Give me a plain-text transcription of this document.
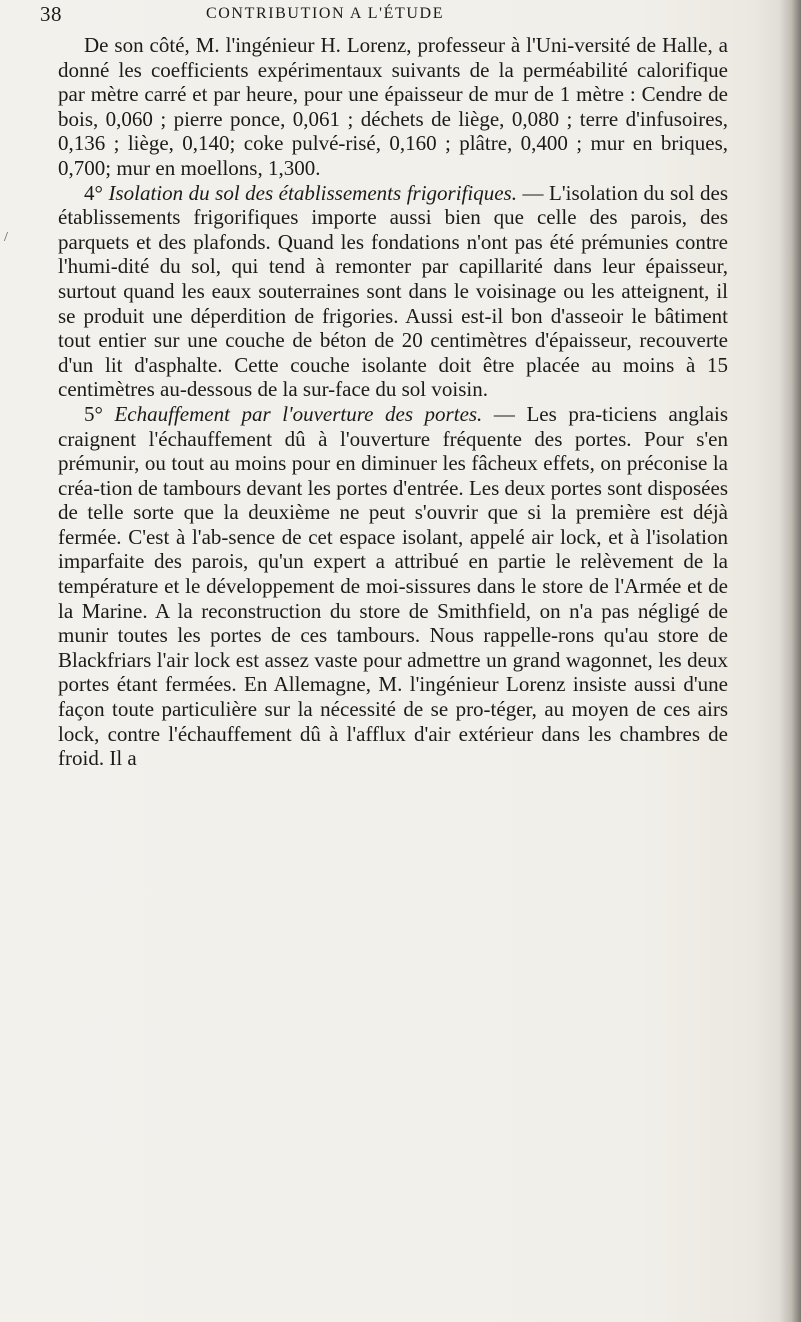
38	CONTRIBUTION A L'ÉTUDE
/

De son côté, M. l'ingénieur H. Lorenz, professeur à l'Uni-versité de Halle, a donné les coefficients expérimentaux suivants de la perméabilité calorifique par mètre carré et par heure, pour une épaisseur de mur de 1 mètre : Cendre de bois, 0,060 ; pierre ponce, 0,061 ; déchets de liège, 0,080 ; terre d'infusoires, 0,136 ; liège, 0,140; coke pulvé-risé, 0,160 ; plâtre, 0,400 ; mur en briques, 0,700; mur en moellons, 1,300.

4° Isolation du sol des établissements frigorifiques. — L'isolation du sol des établissements frigorifiques importe aussi bien que celle des parois, des parquets et des plafonds. Quand les fondations n'ont pas été prémunies contre l'humi-dité du sol, qui tend à remonter par capillarité dans leur épaisseur, surtout quand les eaux souterraines sont dans le voisinage ou les atteignent, il se produit une déperdition de frigories. Aussi est-il bon d'asseoir le bâtiment tout entier sur une couche de béton de 20 centimètres d'épaisseur, recouverte d'un lit d'asphalte. Cette couche isolante doit être placée au moins à 15 centimètres au-dessous de la sur-face du sol voisin.

5° Echauffement par l'ouverture des portes. — Les pra-ticiens anglais craignent l'échauffement dû à l'ouverture fréquente des portes. Pour s'en prémunir, ou tout au moins pour en diminuer les fâcheux effets, on préconise la créa-tion de tambours devant les portes d'entrée. Les deux portes sont disposées de telle sorte que la deuxième ne peut s'ouvrir que si la première est déjà fermée. C'est à l'ab-sence de cet espace isolant, appelé air lock, et à l'isolation imparfaite des parois, qu'un expert a attribué en partie le relèvement de la température et le développement de moi-sissures dans le store de l'Armée et de la Marine. A la reconstruction du store de Smithfield, on n'a pas négligé de munir toutes les portes de ces tambours. Nous rappelle-rons qu'au store de Blackfriars l'air lock est assez vaste pour admettre un grand wagonnet, les deux portes étant fermées. En Allemagne, M. l'ingénieur Lorenz insiste aussi d'une façon toute particulière sur la nécessité de se pro-téger, au moyen de ces airs lock, contre l'échauffement dû à l'afflux d'air extérieur dans les chambres de froid. Il a
